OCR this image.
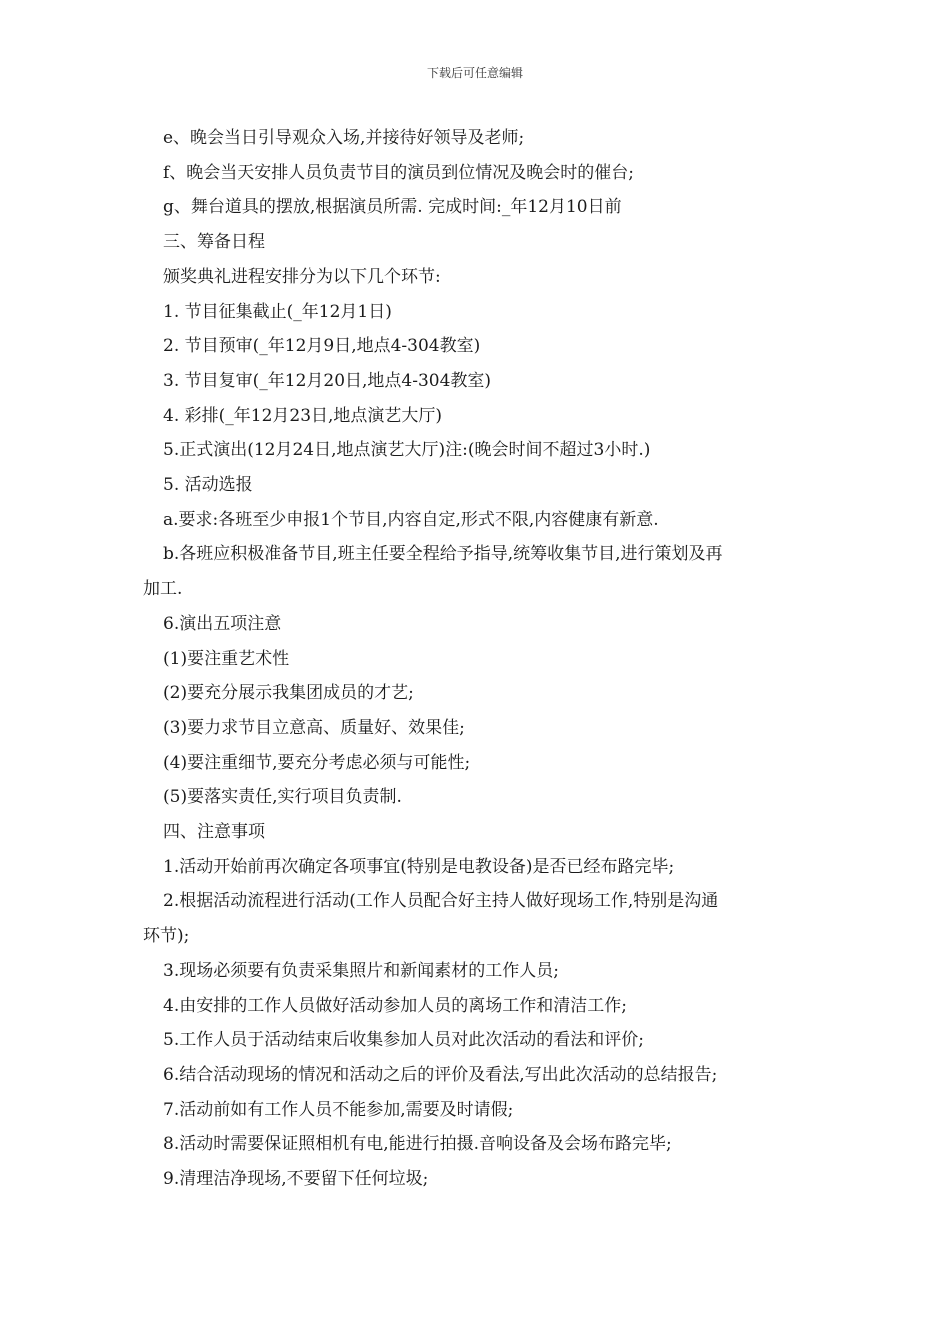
下载后可任意编辑
e、晚会当日引导观众入场,并接待好领导及老师;
f、晚会当天安排人员负责节目的演员到位情况及晚会时的催台;
g、舞台道具的摆放,根据演员所需. 完成时间:_年12月10日前
三、筹备日程
颁奖典礼进程安排分为以下几个环节:
1. 节目征集截止(_年12月1日)
2. 节目预审(_年12月9日,地点4-304教室)
3. 节目复审(_年12月20日,地点4-304教室)
4. 彩排(_年12月23日,地点演艺大厅)
5.正式演出(12月24日,地点演艺大厅)注:(晚会时间不超过3小时.)
5. 活动选报
a.要求:各班至少申报1个节目,内容自定,形式不限,内容健康有新意.
b.各班应积极准备节目,班主任要全程给予指导,统筹收集节目,进行策划及再
加工.
6.演出五项注意
(1)要注重艺术性
(2)要充分展示我集团成员的才艺;
(3)要力求节目立意高、质量好、效果佳;
(4)要注重细节,要充分考虑必须与可能性;
(5)要落实责任,实行项目负责制.
四、注意事项
1.活动开始前再次确定各项事宜(特别是电教设备)是否已经布路完毕;
2.根据活动流程进行活动(工作人员配合好主持人做好现场工作,特别是沟通
环节);
3.现场必须要有负责采集照片和新闻素材的工作人员;
4.由安排的工作人员做好活动参加人员的离场工作和清洁工作;
5.工作人员于活动结束后收集参加人员对此次活动的看法和评价;
6.结合活动现场的情况和活动之后的评价及看法,写出此次活动的总结报告;
7.活动前如有工作人员不能参加,需要及时请假;
8.活动时需要保证照相机有电,能进行拍摄.音响设备及会场布路完毕;
9.清理洁净现场,不要留下任何垃圾;
